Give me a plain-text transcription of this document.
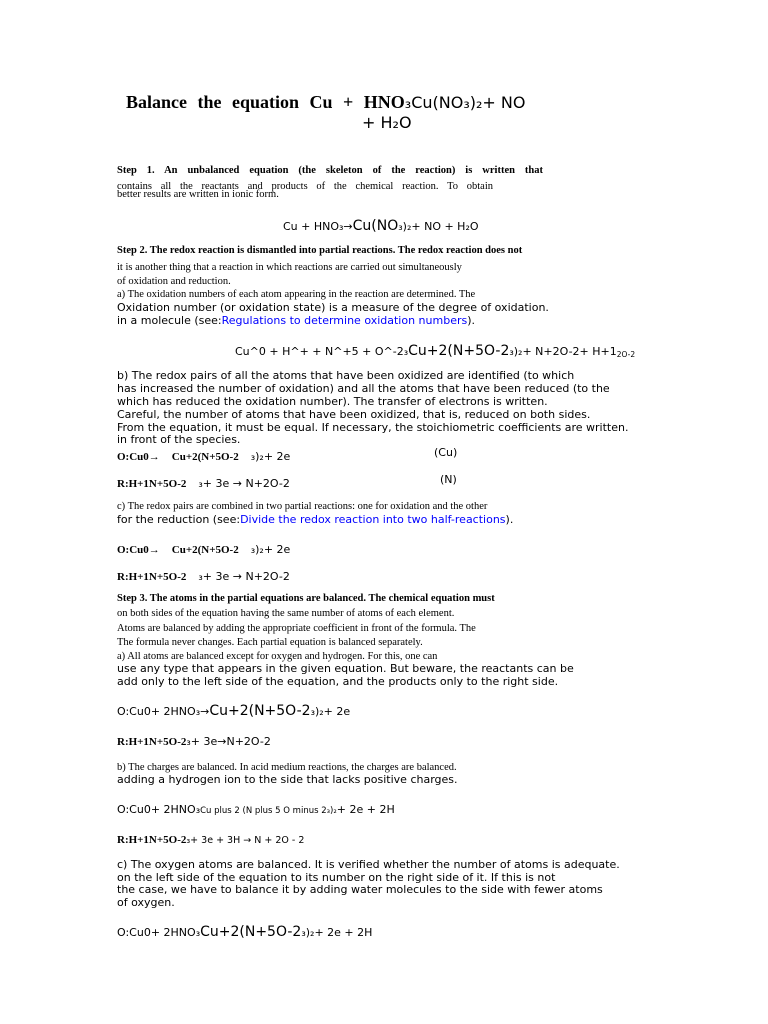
Balance the equation Cu + HNO₃Cu(NO₃)₂+ NO
+ H₂O
Step 1. An unbalanced equation (the skeleton of the reaction) is written that
contains all the reactants and products of the chemical reaction. To obtain
better results are written in ionic form.
Cu + HNO₃→Cu(NO₃)₂+ NO + H₂O
Step 2. The redox reaction is dismantled into partial reactions. The redox reaction does not
it is another thing that a reaction in which reactions are carried out simultaneously
of oxidation and reduction.
a) The oxidation numbers of each atom appearing in the reaction are determined. The
Oxidation number (or oxidation state) is a measure of the degree of oxidation.
in a molecule (see:Regulations to determine oxidation numbers).
Cu^0 + H^+ + N^+5 + O^-2₃Cu+2(N+5O-2₃)₂+ N+2O-2+ H+12O-2
b) The redox pairs of all the atoms that have been oxidized are identified (to which
has increased the number of oxidation) and all the atoms that have been reduced (to the
which has reduced the oxidation number). The transfer of electrons is written.
Careful, the number of atoms that have been oxidized, that is, reduced on both sides.
From the equation, it must be equal. If necessary, the stoichiometric coefficients are written.
in front of the species.
O:Cu0→ Cu+2(N+5O-2 ₃)₂+ 2e	(Cu)
R:H+1N+5O-2 ₃+ 3e → N+2O-2	(N)
c) The redox pairs are combined in two partial reactions: one for oxidation and the other
for the reduction (see:Divide the redox reaction into two half-reactions).
O:Cu0→ Cu+2(N+5O-2 ₃)₂+ 2e
R:H+1N+5O-2 ₃+ 3e → N+2O-2
Step 3. The atoms in the partial equations are balanced. The chemical equation must
on both sides of the equation having the same number of atoms of each element.
Atoms are balanced by adding the appropriate coefficient in front of the formula. The
The formula never changes. Each partial equation is balanced separately.
a) All atoms are balanced except for oxygen and hydrogen. For this, one can
use any type that appears in the given equation. But beware, the reactants can be
add only to the left side of the equation, and the products only to the right side.
O:Cu0+ 2HNO₃→Cu+2(N+5O-2₃)₂+ 2e
R:H+1N+5O-2₃+ 3e→N+2O-2
b) The charges are balanced. In acid medium reactions, the charges are balanced.
adding a hydrogen ion to the side that lacks positive charges.
O:Cu0+ 2HNO₃Cu plus 2 (N plus 5 O minus 2₃)₂+ 2e + 2H
R:H+1N+5O-2₃+ 3e + 3H → N + 2O - 2
c) The oxygen atoms are balanced. It is verified whether the number of atoms is adequate.
on the left side of the equation to its number on the right side of it. If this is not
the case, we have to balance it by adding water molecules to the side with fewer atoms
of oxygen.
O:Cu0+ 2HNO₃Cu+2(N+5O-2₃)₂+ 2e + 2H
